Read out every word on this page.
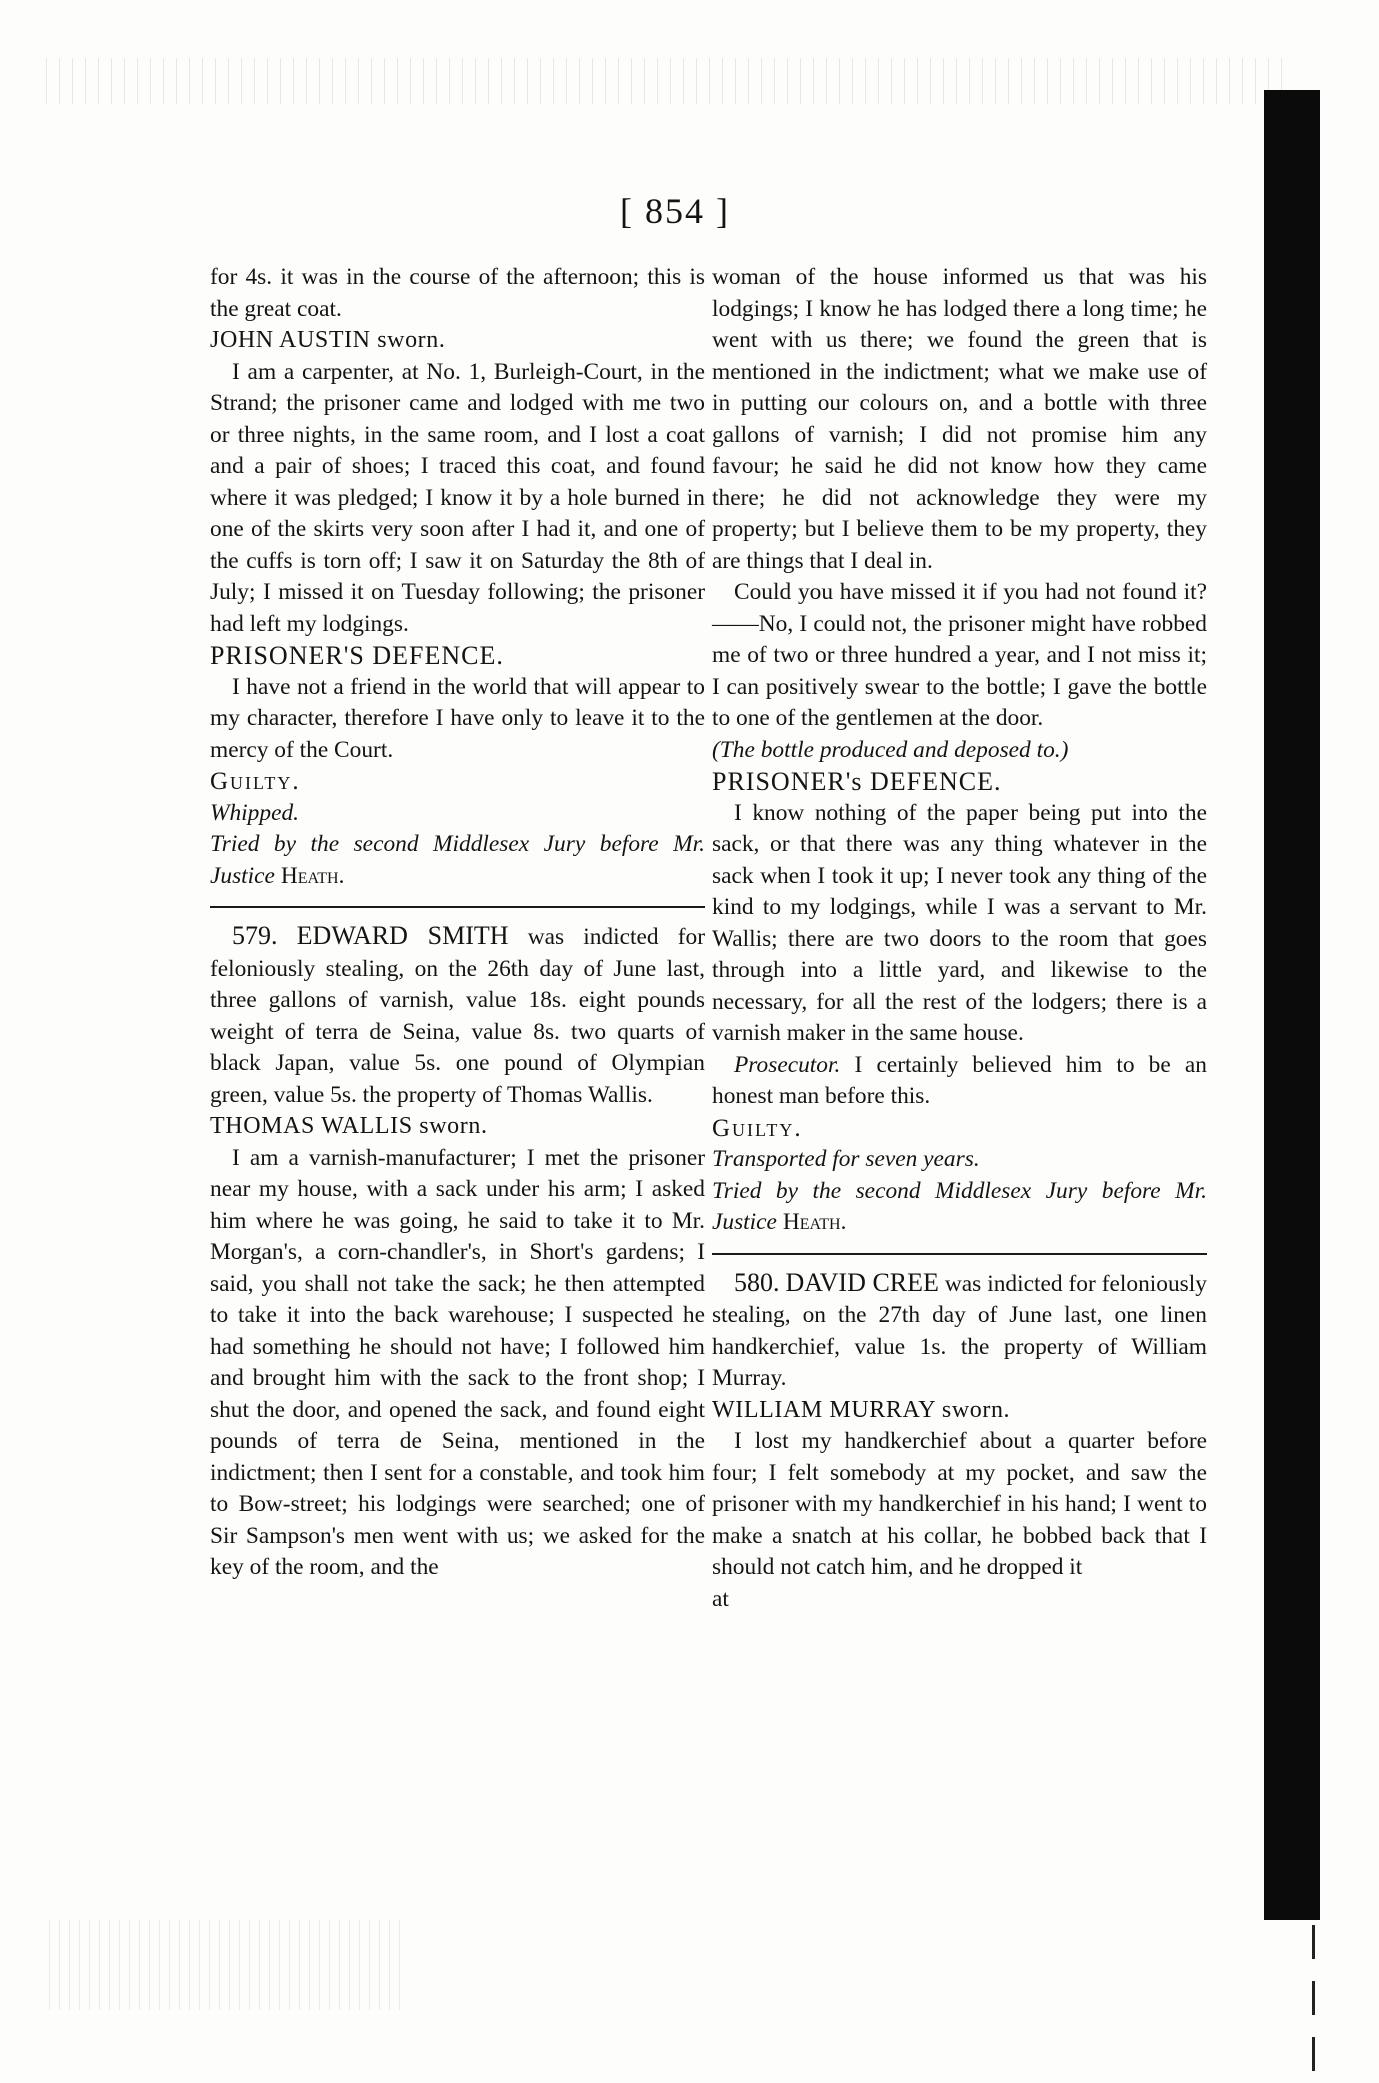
[ 854 ]

for 4s. it was in the course of the afternoon; this is the great coat.

JOHN AUSTIN sworn.

I am a carpenter, at No. 1, Burleigh-Court, in the Strand; the prisoner came and lodged with me two or three nights, in the same room, and I lost a coat and a pair of shoes; I traced this coat, and found where it was pledged; I know it by a hole burned in one of the skirts very soon after I had it, and one of the cuffs is torn off; I saw it on Saturday the 8th of July; I missed it on Tuesday following; the prisoner had left my lodgings.

PRISONER'S DEFENCE.

I have not a friend in the world that will appear to my character, therefore I have only to leave it to the mercy of the Court.

Guilty.

Whipped.

Tried by the second Middlesex Jury before Mr. Justice Heath.

579. EDWARD SMITH was indicted for feloniously stealing, on the 26th day of June last, three gallons of varnish, value 18s. eight pounds weight of terra de Seina, value 8s. two quarts of black Japan, value 5s. one pound of Olympian green, value 5s. the property of Thomas Wallis.

THOMAS WALLIS sworn.

I am a varnish-manufacturer; I met the prisoner near my house, with a sack under his arm; I asked him where he was going, he said to take it to Mr. Morgan's, a corn-chandler's, in Short's gardens; I said, you shall not take the sack; he then attempted to take it into the back warehouse; I suspected he had something he should not have; I followed him and brought him with the sack to the front shop; I shut the door, and opened the sack, and found eight pounds of terra de Seina, mentioned in the indictment; then I sent for a constable, and took him to Bow-street; his lodgings were searched; one of Sir Sampson's men went with us; we asked for the key of the room, and the

woman of the house informed us that was his lodgings; I know he has lodged there a long time; he went with us there; we found the green that is mentioned in the indictment; what we make use of in putting our colours on, and a bottle with three gallons of varnish; I did not promise him any favour; he said he did not know how they came there; he did not acknowledge they were my property; but I believe them to be my property, they are things that I deal in.

Could you have missed it if you had not found it?——No, I could not, the prisoner might have robbed me of two or three hundred a year, and I not miss it; I can positively swear to the bottle; I gave the bottle to one of the gentlemen at the door.

(The bottle produced and deposed to.)

PRISONER's DEFENCE.

I know nothing of the paper being put into the sack, or that there was any thing whatever in the sack when I took it up; I never took any thing of the kind to my lodgings, while I was a servant to Mr. Wallis; there are two doors to the room that goes through into a little yard, and likewise to the necessary, for all the rest of the lodgers; there is a varnish maker in the same house.

Prosecutor. I certainly believed him to be an honest man before this.

Guilty.

Transported for seven years.

Tried by the second Middlesex Jury before Mr. Justice Heath.

580. DAVID CREE was indicted for feloniously stealing, on the 27th day of June last, one linen handkerchief, value 1s. the property of William Murray.

WILLIAM MURRAY sworn.

I lost my handkerchief about a quarter before four; I felt somebody at my pocket, and saw the prisoner with my handkerchief in his hand; I went to make a snatch at his collar, he bobbed back that I should not catch him, and he dropped it

at
